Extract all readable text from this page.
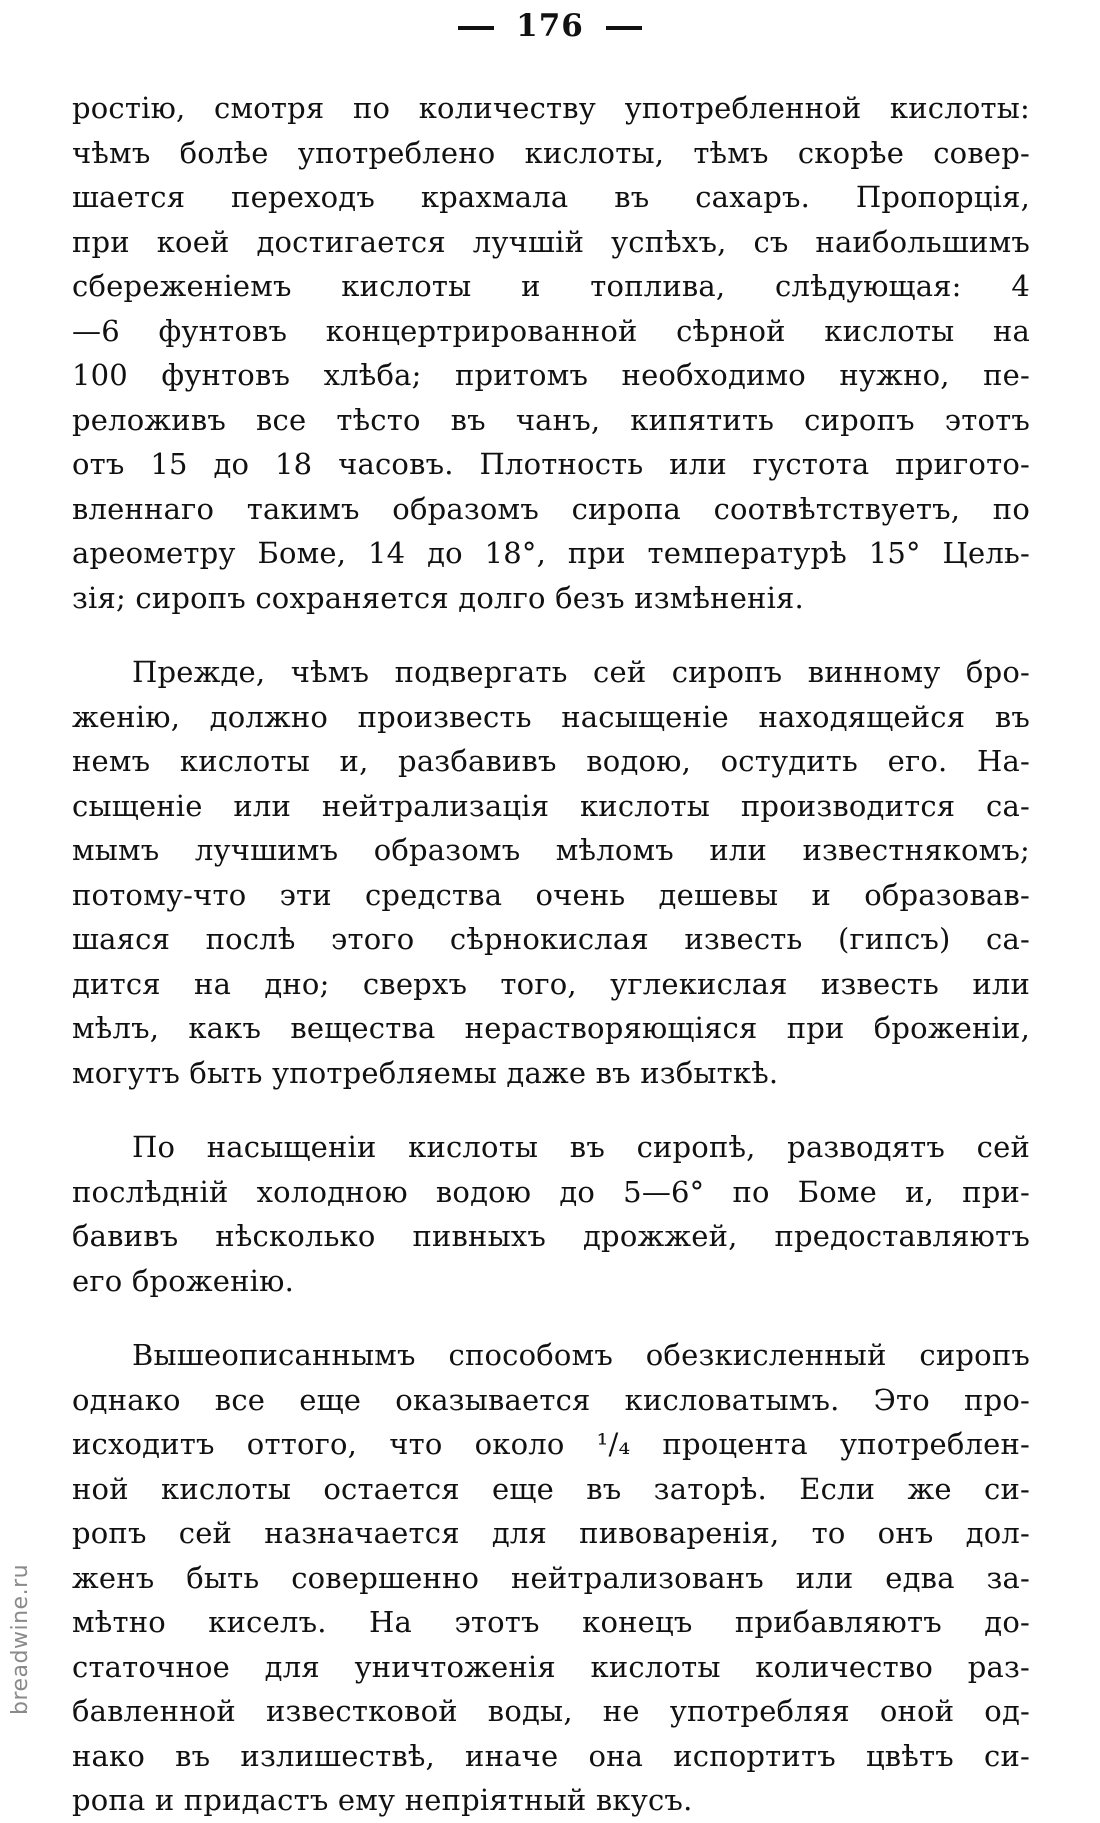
176
ростію, смотря по количеству употребленной кислоты:
чѣмъ болѣе употреблено кислоты, тѣмъ скорѣе совер-
шается переходъ крахмала въ сахаръ. Пропорція,
при коей достигается лучшій успѣхъ, съ наибольшимъ
сбереженіемъ кислоты и топлива, слѣдующая: 4
—6 фунтовъ концертрированной сѣрной кислоты на
100 фунтовъ хлѣба; притомъ необходимо нужно, пе-
реложивъ все тѣсто въ чанъ, кипятить сиропъ этотъ
отъ 15 до 18 часовъ. Плотность или густота пригото-
вленнаго такимъ образомъ сиропа соотвѣтствуетъ, по
ареометру Боме, 14 до 18°, при температурѣ 15° Цель-
зія; сиропъ сохраняется долго безъ измѣненія.
Прежде, чѣмъ подвергать сей сиропъ винному бро-
женію, должно произвесть насыщеніе находящейся въ
немъ кислоты и, разбавивъ водою, остудить его. На-
сыщеніе или нейтрализація кислоты производится са-
мымъ лучшимъ образомъ мѣломъ или известнякомъ;
потому-что эти средства очень дешевы и образовав-
шаяся послѣ этого сѣрнокислая известь (гипсъ) са-
дится на дно; сверхъ того, углекислая известь или
мѣлъ, какъ вещества нерастворяющіяся при броженіи,
могутъ быть употребляемы даже въ избыткѣ.
По насыщеніи кислоты въ сиропѣ, разводятъ сей
послѣдній холодною водою до 5—6° по Боме и, при-
бавивъ нѣсколько пивныхъ дрожжей, предоставляютъ
его броженію.
Вышеописаннымъ способомъ обезкисленный сиропъ
однако все еще оказывается кисловатымъ. Это про-
исходитъ оттого, что около ¹/₄ процента употреблен-
ной кислоты остается еще въ заторѣ. Если же си-
ропъ сей назначается для пивоваренія, то онъ дол-
женъ быть совершенно нейтрализованъ или едва за-
мѣтно киселъ. На этотъ конецъ прибавляютъ до-
статочное для уничтоженія кислоты количество раз-
бавленной известковой воды, не употребляя оной од-
нако въ излишествѣ, иначе она испортитъ цвѣтъ си-
ропа и придастъ ему непріятный вкусъ.
breadwine.ru
